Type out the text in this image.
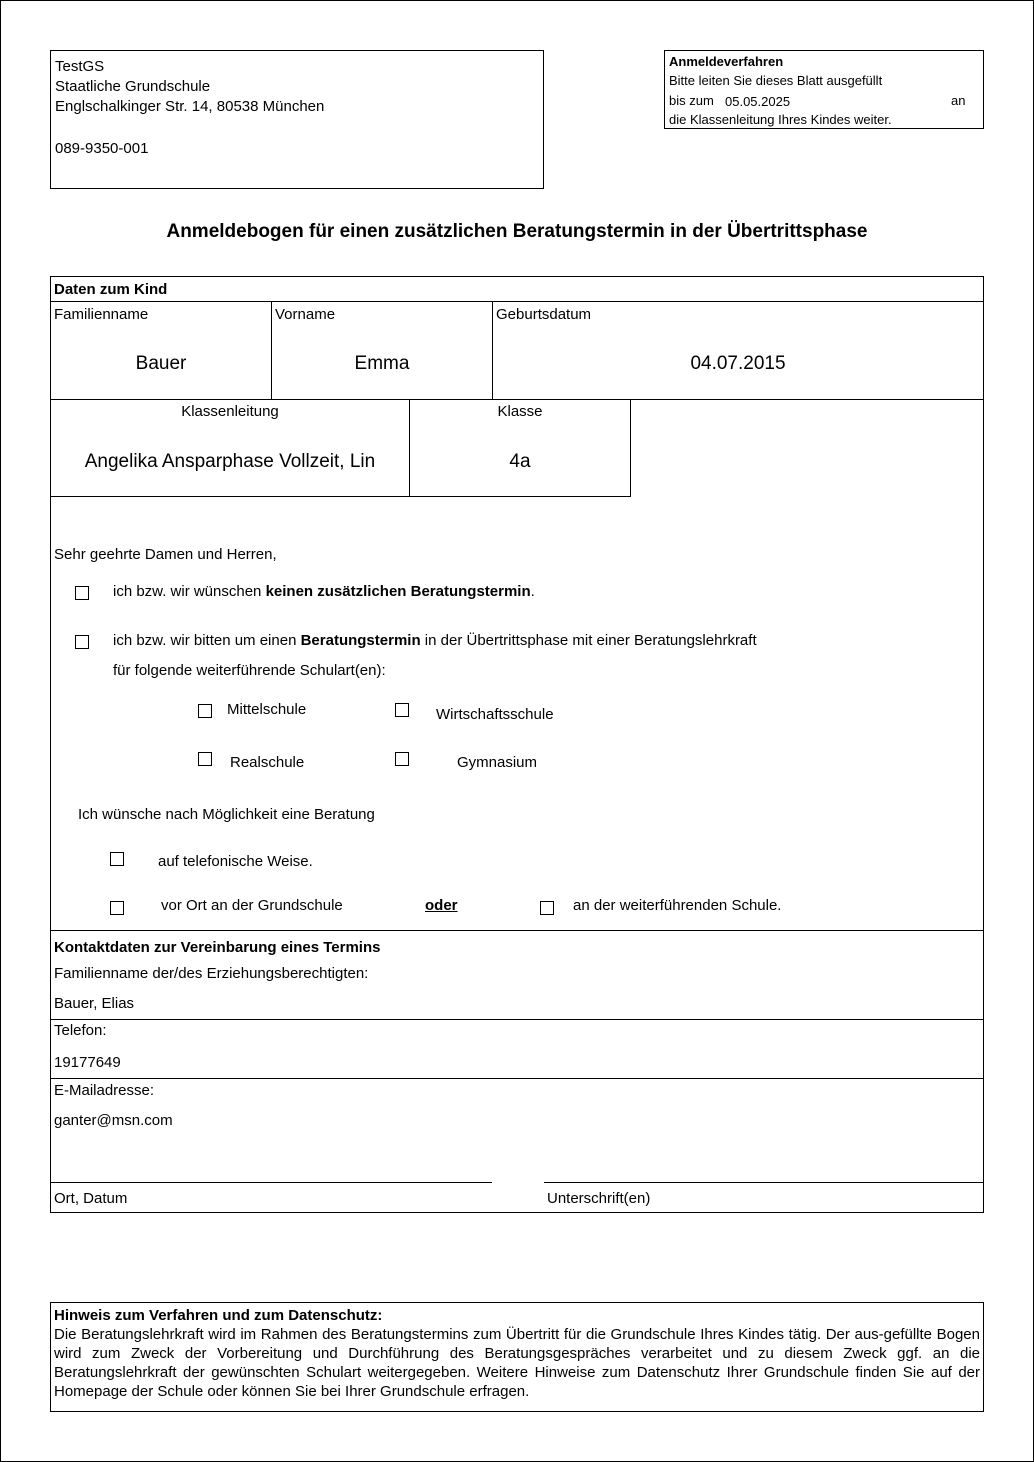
TestGS
Staatliche Grundschule
Englschalkinger Str. 14, 80538 München
089-9350-001
Anmeldeverfahren
Bitte leiten Sie dieses Blatt ausgefüllt
bis zum 05.05.2025	an
die Klassenleitung Ihres Kindes weiter.
Anmeldebogen für einen zusätzlichen Beratungstermin in der Übertrittsphase
Daten zum Kind
Familienname
Bauer
Vorname
Emma
Geburtsdatum
04.07.2015
Klassenleitung
Angelika Ansparphase Vollzeit, Lin
Klasse
4a
Sehr geehrte Damen und Herren,
ich bzw. wir wünschen keinen zusätzlichen Beratungstermin.
ich bzw. wir bitten um einen Beratungstermin in der Übertrittsphase mit einer Beratungslehrkraft
für folgende weiterführende Schulart(en):
Mittelschule	Wirtschaftsschule
Realschule	Gymnasium
Ich wünsche nach Möglichkeit eine Beratung
auf telefonische Weise.
vor Ort an der Grundschule	oder	an der weiterführenden Schule.
Kontaktdaten zur Vereinbarung eines Termins
Familienname der/des Erziehungsberechtigten:
Bauer, Elias
Telefon:
19177649
E-Mailadresse:
ganter@msn.com
Ort, Datum	Unterschrift(en)
Hinweis zum Verfahren und zum Datenschutz:
Die Beratungslehrkraft wird im Rahmen des Beratungstermins zum Übertritt für die Grundschule Ihres Kindes tätig. Der aus-gefüllte Bogen wird zum Zweck der Vorbereitung und Durchführung des Beratungsgespräches verarbeitet und zu diesem Zweck ggf. an die Beratungslehrkraft der gewünschten Schulart weitergegeben. Weitere Hinweise zum Datenschutz Ihrer Grundschule finden Sie auf der Homepage der Schule oder können Sie bei Ihrer Grundschule erfragen.
